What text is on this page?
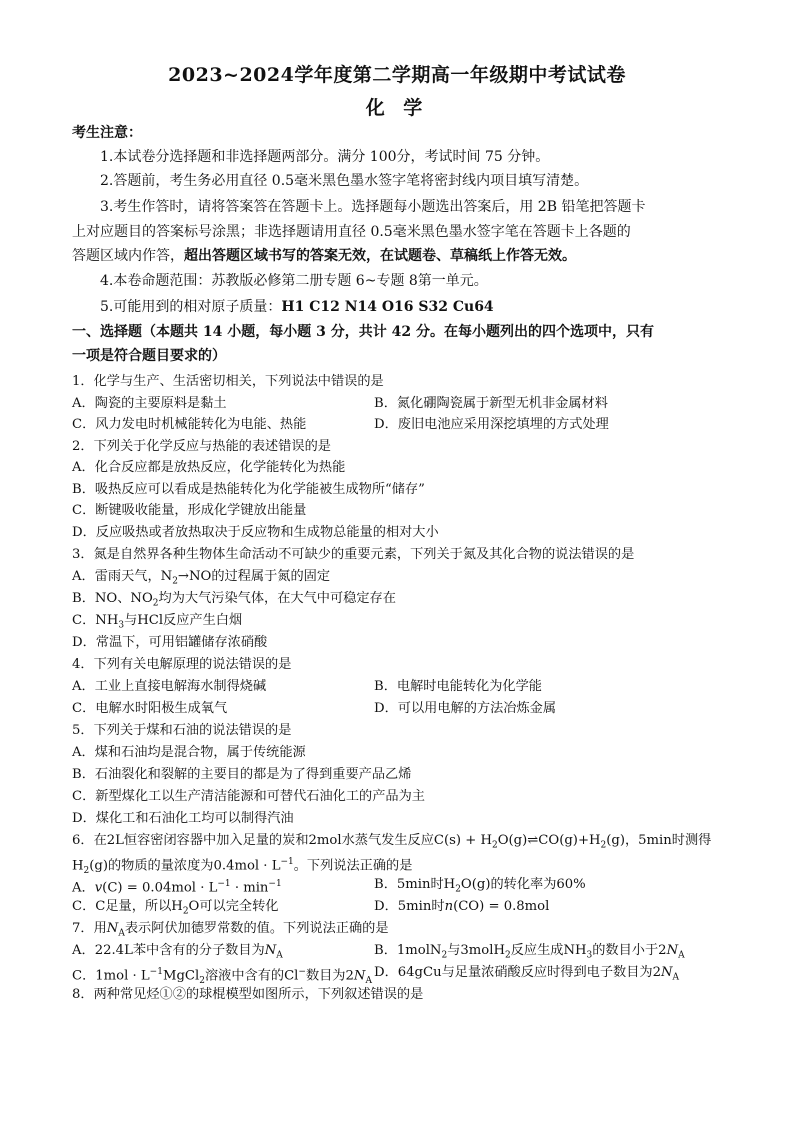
2023~2024学年度第二学期高一年级期中考试试卷
化 学
考生注意：
1.本试卷分选择题和非选择题两部分。满分 100分，考试时间 75 分钟。
2.答题前，考生务必用直径 0.5毫米黑色墨水签字笔将密封线内项目填写清楚。
3.考生作答时，请将答案答在答题卡上。选择题每小题选出答案后，用 2B 铅笔把答题卡
上对应题目的答案标号涂黑；非选择题请用直径 0.5毫米黑色墨水签字笔在答题卡上各题的
答题区域内作答，超出答题区域书写的答案无效，在试题卷、草稿纸上作答无效。
4.本卷命题范围：苏教版必修第二册专题 6~专题 8第一单元。
5.可能用到的相对原子质量：H1 C12 N14 O16 S32 Cu64
一、选择题（本题共 14 小题，每小题 3 分，共计 42 分。在每小题列出的四个选项中，只有
一项是符合题目要求的）
1．化学与生产、生活密切相关，下列说法中错误的是
A．陶瓷的主要原料是黏土	B．氮化硼陶瓷属于新型无机非金属材料
C．风力发电时机械能转化为电能、热能	D．废旧电池应采用深挖填埋的方式处理
2．下列关于化学反应与热能的表述错误的是
A．化合反应都是放热反应，化学能转化为热能
B．吸热反应可以看成是热能转化为化学能被生成物所“储存”
C．断键吸收能量，形成化学键放出能量
D．反应吸热或者放热取决于反应物和生成物总能量的相对大小
3．氮是自然界各种生物体生命活动不可缺少的重要元素，下列关于氮及其化合物的说法错误的是
A．雷雨天气，$N_2\to NO$的过程属于氮的固定
B．NO、$NO_2$均为大气污染气体，在大气中可稳定存在
C．$NH_3$与HCl反应产生白烟
D．常温下，可用铝罐储存浓硝酸
4．下列有关电解原理的说法错误的是
A．工业上直接电解海水制得烧碱	B．电解时电能转化为化学能
C．电解水时阳极生成氧气	D．可以用电解的方法冶炼金属
5．下列关于煤和石油的说法错误的是
A．煤和石油均是混合物，属于传统能源
B．石油裂化和裂解的主要目的都是为了得到重要产品乙烯
C．新型煤化工以生产清洁能源和可替代石油化工的产品为主
D．煤化工和石油化工均可以制得汽油
6．在2L恒容密闭容器中加入足量的炭和2mol水蒸气发生反应$C(s) + H_2O(g)\rightleftharpoons CO(g)+H_2(g)$，5min时测得
$H_2(g)$的物质的量浓度为$0.4mol \cdot L^{-1}$。下列说法正确的是
A．$v(C) = 0.04mol \cdot L^{-1} \cdot \min^{-1}$	B．5min时$H_2O(g)$的转化率为60%
C．C足量，所以$H_2O$可以完全转化	D．5min时n(CO) = 0.8mol
7．用$N_A$表示阿伏加德罗常数的值。下列说法正确的是
A．22.4L苯中含有的分子数目为$N_A$	B．1molN$_2$与3molH$_2$反应生成$NH_3$的数目小于$2N_A$
C．$1mol \cdot L^{-1}MgCl_2$溶液中含有的Cl−数目为$2N_A$
D．64gCu与足量浓硝酸反应时得到电子数目为$2N_A$
8．两种常见烃①②的球棍模型如图所示，下列叙述错误的是
